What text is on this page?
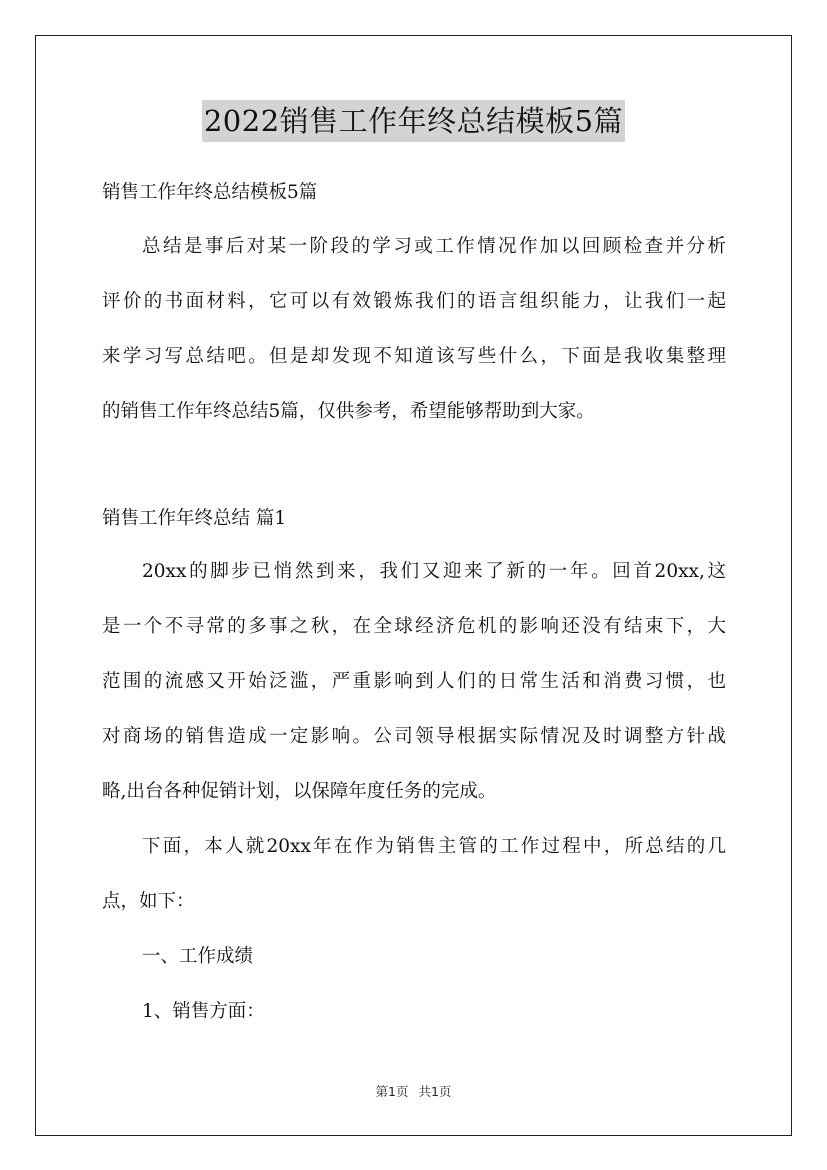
2022销售工作年终总结模板5篇
销售工作年终总结模板5篇
总结是事后对某一阶段的学习或工作情况作加以回顾检查并分析
评价的书面材料，它可以有效锻炼我们的语言组织能力，让我们一起
来学习写总结吧。但是却发现不知道该写些什么，下面是我收集整理
的销售工作年终总结5篇，仅供参考，希望能够帮助到大家。
销售工作年终总结 篇1
20xx的脚步已悄然到来，我们又迎来了新的一年。回首20xx,这
是一个不寻常的多事之秋，在全球经济危机的影响还没有结束下，大
范围的流感又开始泛滥，严重影响到人们的日常生活和消费习惯，也
对商场的销售造成一定影响。公司领导根据实际情况及时调整方针战
略,出台各种促销计划，以保障年度任务的完成。
下面，本人就20xx年在作为销售主管的工作过程中，所总结的几
点，如下：
一、工作成绩
1、销售方面：
第1页 共1页
